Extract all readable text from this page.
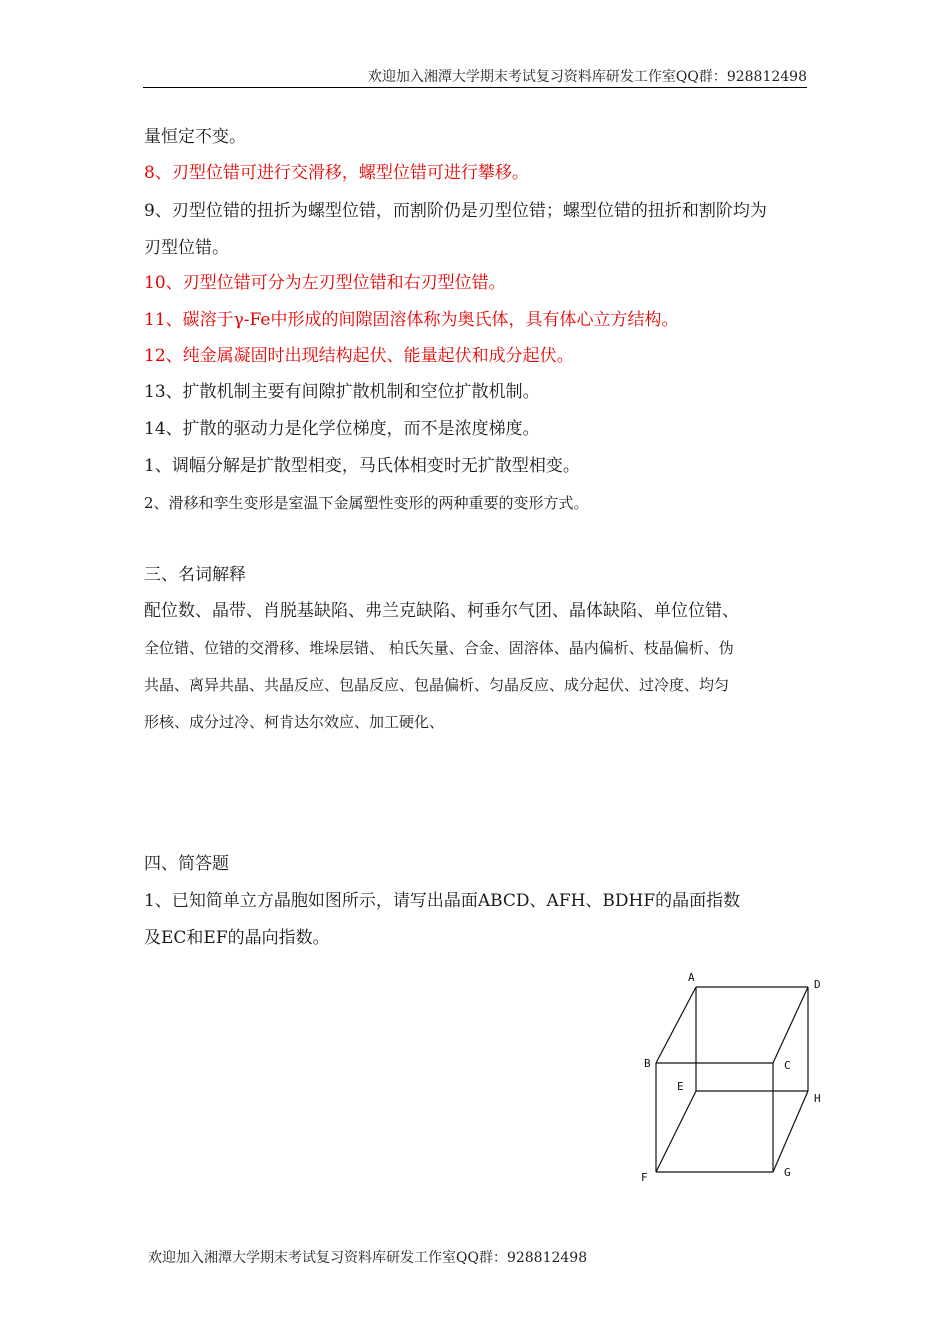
欢迎加入湘潭大学期末考试复习资料库研发工作室QQ群：928812498
量恒定不变。
8、刃型位错可进行交滑移，螺型位错可进行攀移。
9、刃型位错的扭折为螺型位错，而割阶仍是刃型位错；螺型位错的扭折和割阶均为
刃型位错。
10、刃型位错可分为左刃型位错和右刃型位错。
11、碳溶于γ-Fe中形成的间隙固溶体称为奥氏体，具有体心立方结构。
12、纯金属凝固时出现结构起伏、能量起伏和成分起伏。
13、扩散机制主要有间隙扩散机制和空位扩散机制。
14、扩散的驱动力是化学位梯度，而不是浓度梯度。
1、调幅分解是扩散型相变，马氏体相变时无扩散型相变。
2、滑移和孪生变形是室温下金属塑性变形的两种重要的变形方式。
三、名词解释
配位数、晶带、肖脱基缺陷、弗兰克缺陷、柯垂尔气团、晶体缺陷、单位位错、
全位错、位错的交滑移、堆垛层错、 柏氏矢量、合金、固溶体、晶内偏析、枝晶偏析、伪
共晶、离异共晶、共晶反应、包晶反应、包晶偏析、匀晶反应、成分起伏、过冷度、均匀
形核、成分过冷、柯肯达尔效应、加工硬化、
四、简答题
1、已知简单立方晶胞如图所示，请写出晶面ABCD、AFH、BDHF的晶面指数
及EC和EF的晶向指数。
A
D
B	C
E
H
F	G
欢迎加入湘潭大学期末考试复习资料库研发工作室QQ群：928812498
